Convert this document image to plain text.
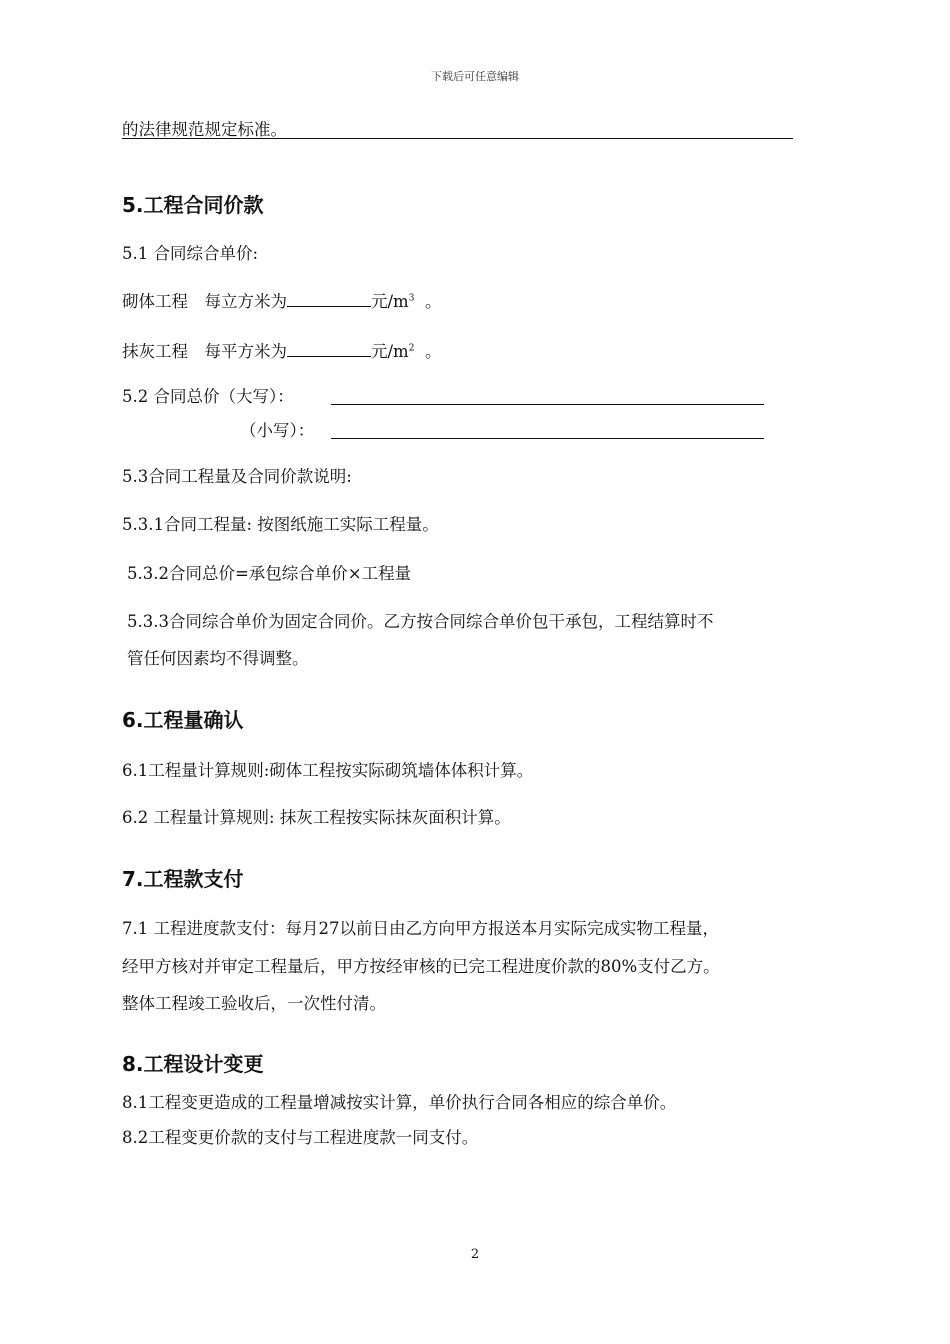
下载后可任意编辑
的法律规范规定标准。
5.工程合同价款
5.1 合同综合单价:
砌体工程　每立方米为	元$/m^3$ 。
抹灰工程　每平方米为	元$/m^2$ 。
5.2 合同总价（大写）：
（小写）：
5.3合同工程量及合同价款说明:
5.3.1合同工程量: 按图纸施工实际工程量。
5.3.2合同总价=承包综合单价×工程量
5.3.3合同综合单价为固定合同价。乙方按合同综合单价包干承包，工程结算时不
管任何因素均不得调整。
6.工程量确认
6.1工程量计算规则:砌体工程按实际砌筑墙体体积计算。
6.2 工程量计算规则: 抹灰工程按实际抹灰面积计算。
7.工程款支付
7.1 工程进度款支付：每月27以前日由乙方向甲方报送本月实际完成实物工程量，
经甲方核对并审定工程量后，甲方按经审核的已完工程进度价款的80%支付乙方。
整体工程竣工验收后，一次性付清。
8.工程设计变更
8.1工程变更造成的工程量增减按实计算，单价执行合同各相应的综合单价。
8.2工程变更价款的支付与工程进度款一同支付。
2
